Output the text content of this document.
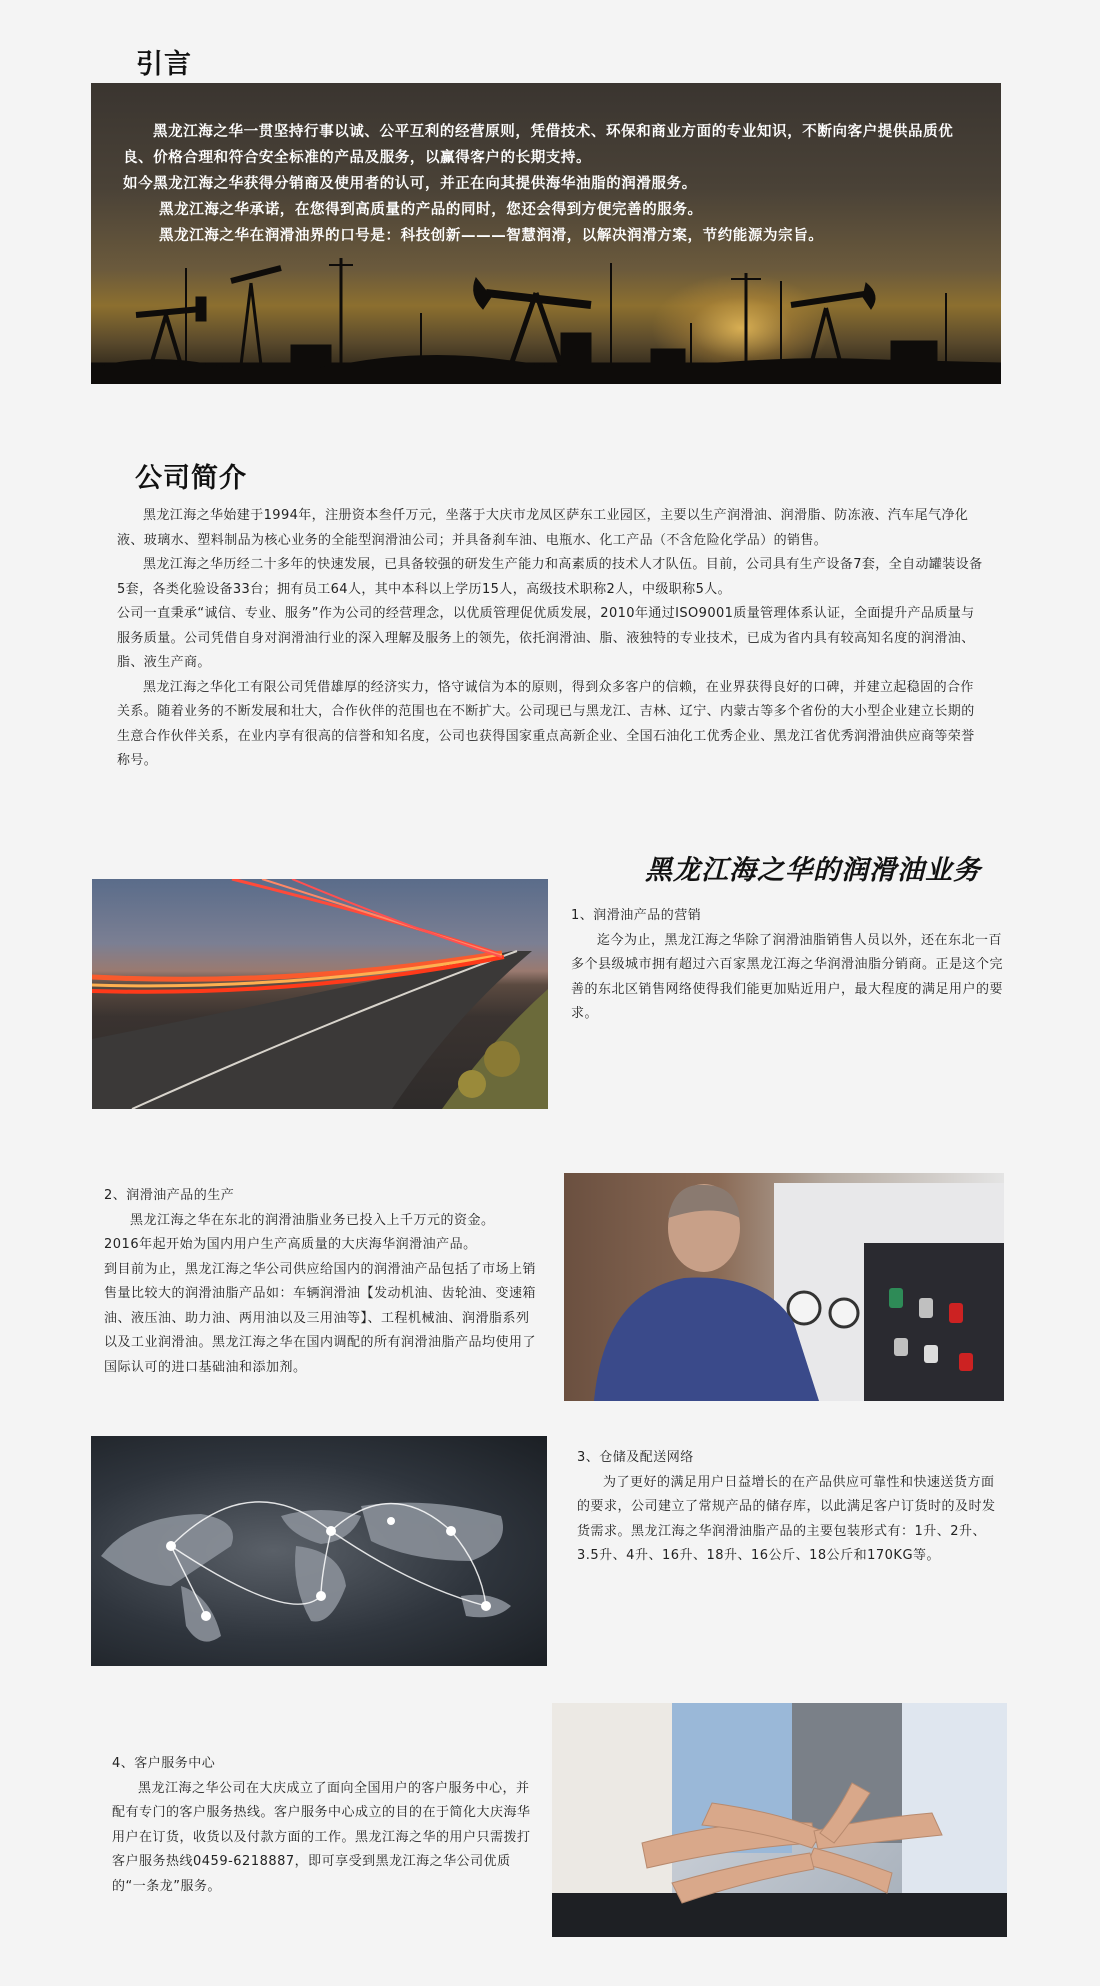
引言

黑龙江海之华一贯坚持行事以诚、公平互利的经营原则，凭借技术、环保和商业方面的专业知识，不断向客户提供品质优良、价格合理和符合安全标准的产品及服务，以赢得客户的长期支持。

如今黑龙江海之华获得分销商及使用者的认可，并正在向其提供海华油脂的润滑服务。

黑龙江海之华承诺，在您得到高质量的产品的同时，您还会得到方便完善的服务。

黑龙江海之华在润滑油界的口号是：科技创新———智慧润滑，以解决润滑方案，节约能源为宗旨。

公司简介

黑龙江海之华始建于1994年，注册资本叁仟万元，坐落于大庆市龙凤区萨东工业园区，主要以生产润滑油、润滑脂、防冻液、汽车尾气净化液、玻璃水、塑料制品为核心业务的全能型润滑油公司；并具备刹车油、电瓶水、化工产品（不含危险化学品）的销售。

黑龙江海之华历经二十多年的快速发展，已具备较强的研发生产能力和高素质的技术人才队伍。目前，公司具有生产设备7套，全自动罐装设备5套，各类化验设备33台；拥有员工64人，其中本科以上学历15人，高级技术职称2人，中级职称5人。

公司一直秉承“诚信、专业、服务”作为公司的经营理念，以优质管理促优质发展，2010年通过ISO9001质量管理体系认证，全面提升产品质量与服务质量。公司凭借自身对润滑油行业的深入理解及服务上的领先，依托润滑油、脂、液独特的专业技术，已成为省内具有较高知名度的润滑油、脂、液生产商。

黑龙江海之华化工有限公司凭借雄厚的经济实力，恪守诚信为本的原则，得到众多客户的信赖，在业界获得良好的口碑，并建立起稳固的合作关系。随着业务的不断发展和壮大，合作伙伴的范围也在不断扩大。公司现已与黑龙江、吉林、辽宁、内蒙古等多个省份的大小型企业建立长期的生意合作伙伴关系，在业内享有很高的信誉和知名度，公司也获得国家重点高新企业、全国石油化工优秀企业、黑龙江省优秀润滑油供应商等荣誉称号。

黑龙江海之华的润滑油业务
1、润滑油产品的营销

迄今为止，黑龙江海之华除了润滑油脂销售人员以外，还在东北一百多个县级城市拥有超过六百家黑龙江海之华润滑油脂分销商。正是这个完善的东北区销售网络使得我们能更加贴近用户，最大程度的满足用户的要求。

2、润滑油产品的生产

黑龙江海之华在东北的润滑油脂业务已投入上千万元的资金。

2016年起开始为国内用户生产高质量的大庆海华润滑油产品。

到目前为止，黑龙江海之华公司供应给国内的润滑油产品包括了市场上销售量比较大的润滑油脂产品如：车辆润滑油【发动机油、齿轮油、变速箱油、液压油、助力油、两用油以及三用油等】、工程机械油、润滑脂系列以及工业润滑油。黑龙江海之华在国内调配的所有润滑油脂产品均使用了国际认可的进口基础油和添加剂。

3、仓储及配送网络

为了更好的满足用户日益增长的在产品供应可靠性和快速送货方面的要求，公司建立了常规产品的储存库，以此满足客户订货时的及时发货需求。黑龙江海之华润滑油脂产品的主要包装形式有：1升、2升、3.5升、4升、16升、18升、16公斤、18公斤和170KG等。

4、客户服务中心

黑龙江海之华公司在大庆成立了面向全国用户的客户服务中心，并配有专门的客户服务热线。客户服务中心成立的目的在于简化大庆海华用户在订货，收货以及付款方面的工作。黑龙江海之华的用户只需拨打客户服务热线0459-6218887，即可享受到黑龙江海之华公司优质的“一条龙”服务。
